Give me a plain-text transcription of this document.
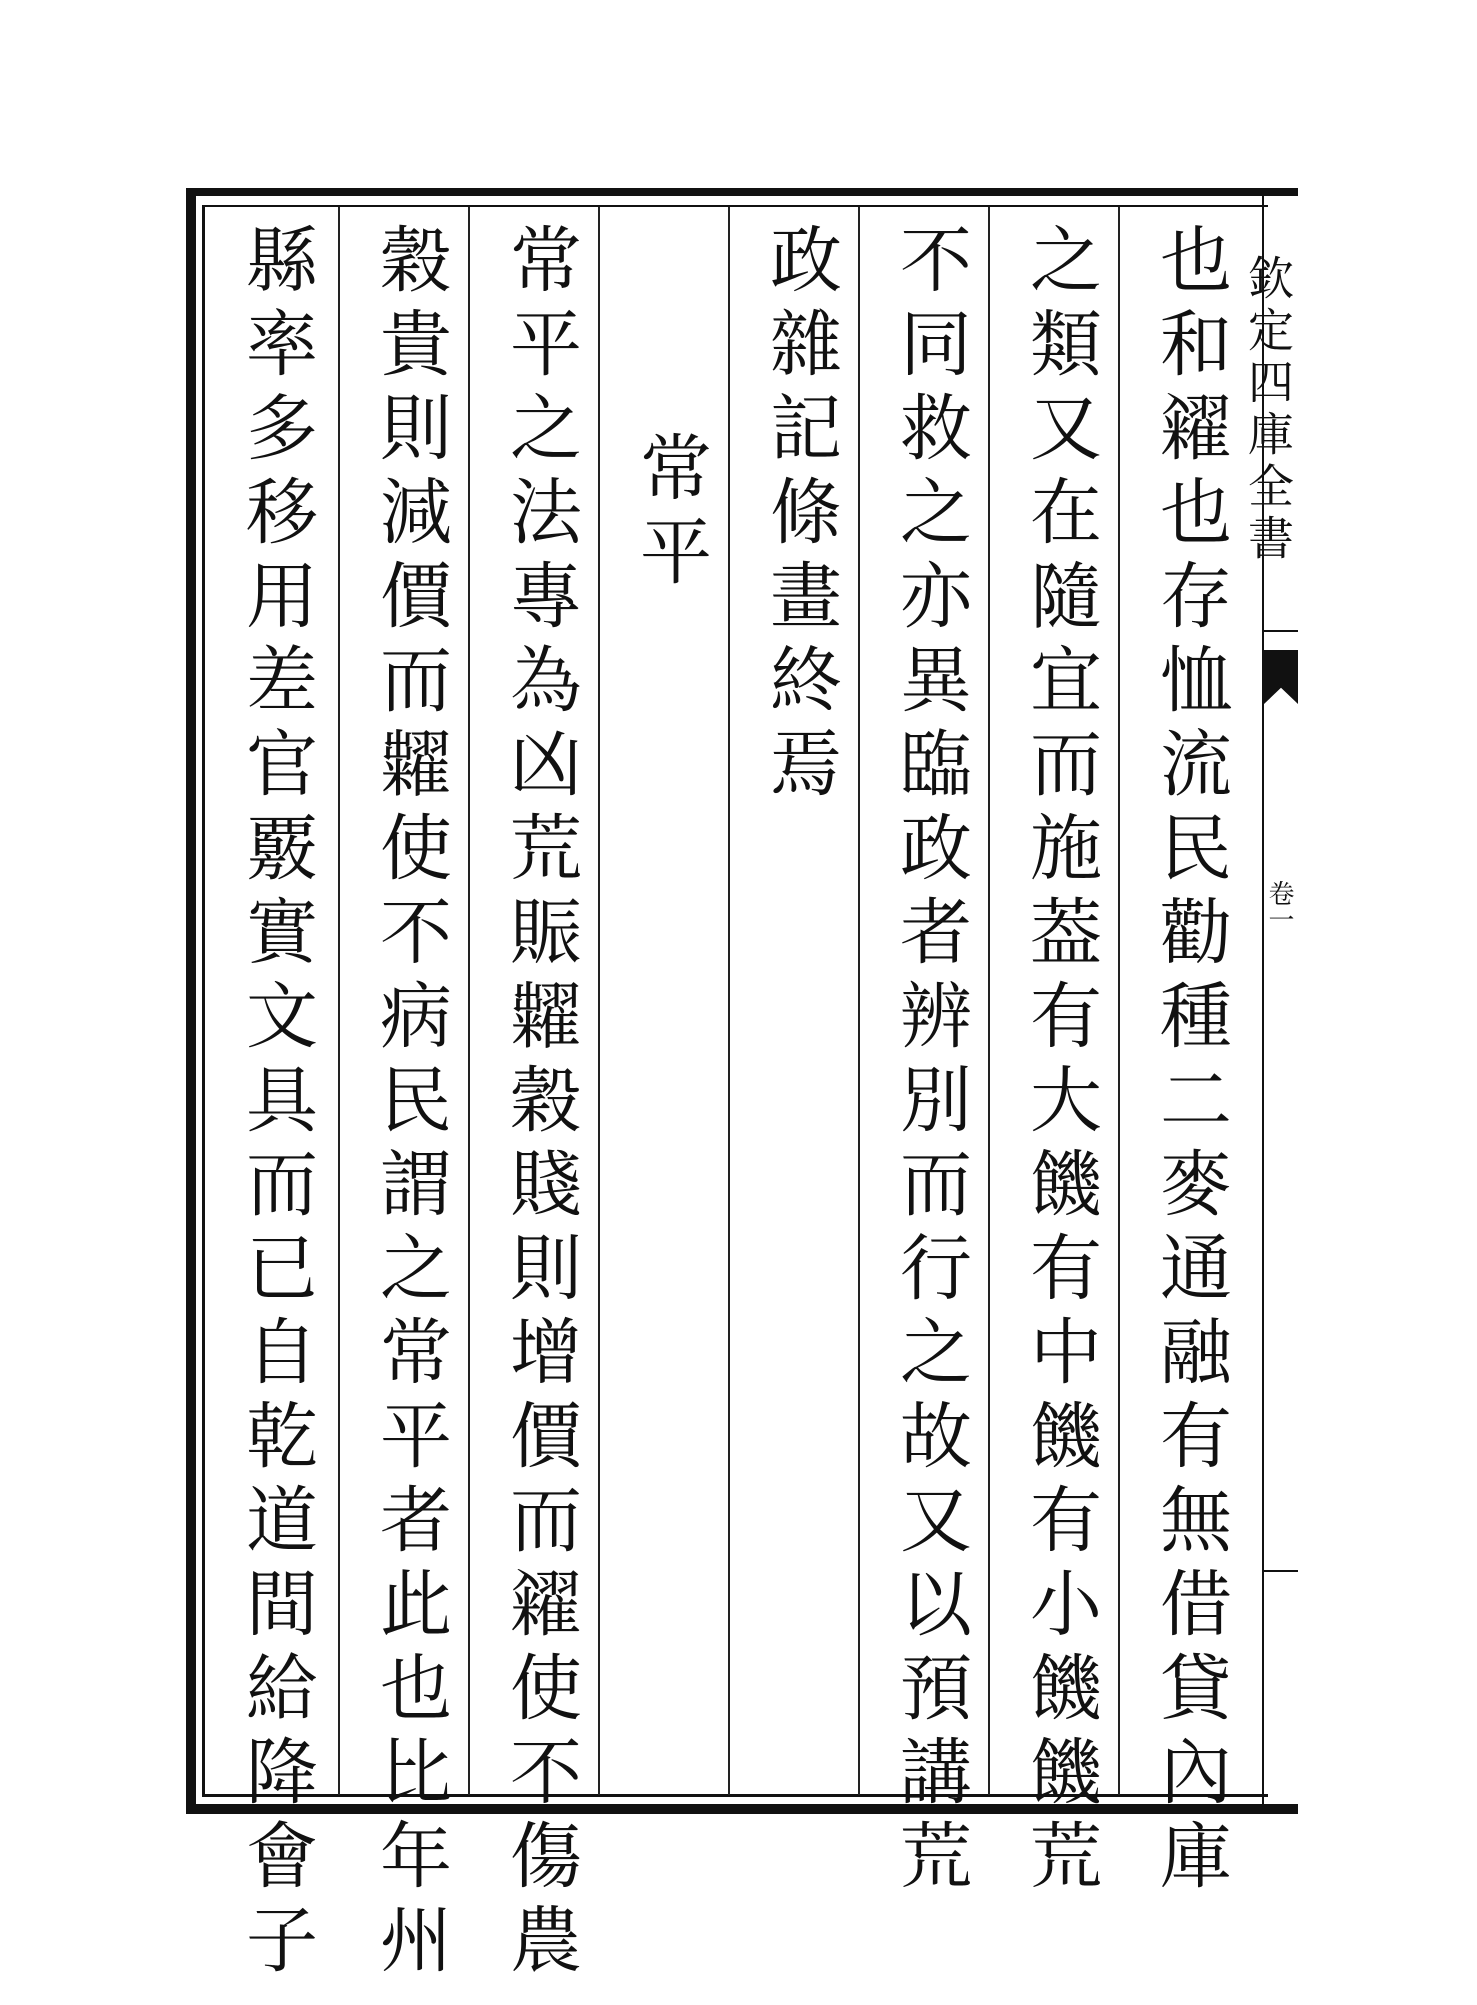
欽定四庫全書
卷一
也和糴也存恤流民勸種二麥通融有無借貸內庫
之類又在隨宜而施葢有大饑有中饑有小饑饑荒
不同救之亦異臨政者辨別而行之故又以預講荒
政雜記條畫終焉
常平
常平之法專為凶荒賑糶穀賤則增價而糴使不傷農
穀貴則減價而糶使不病民謂之常平者此也比年州
縣率多移用差官覈實文具而已自乾道間給降會子
